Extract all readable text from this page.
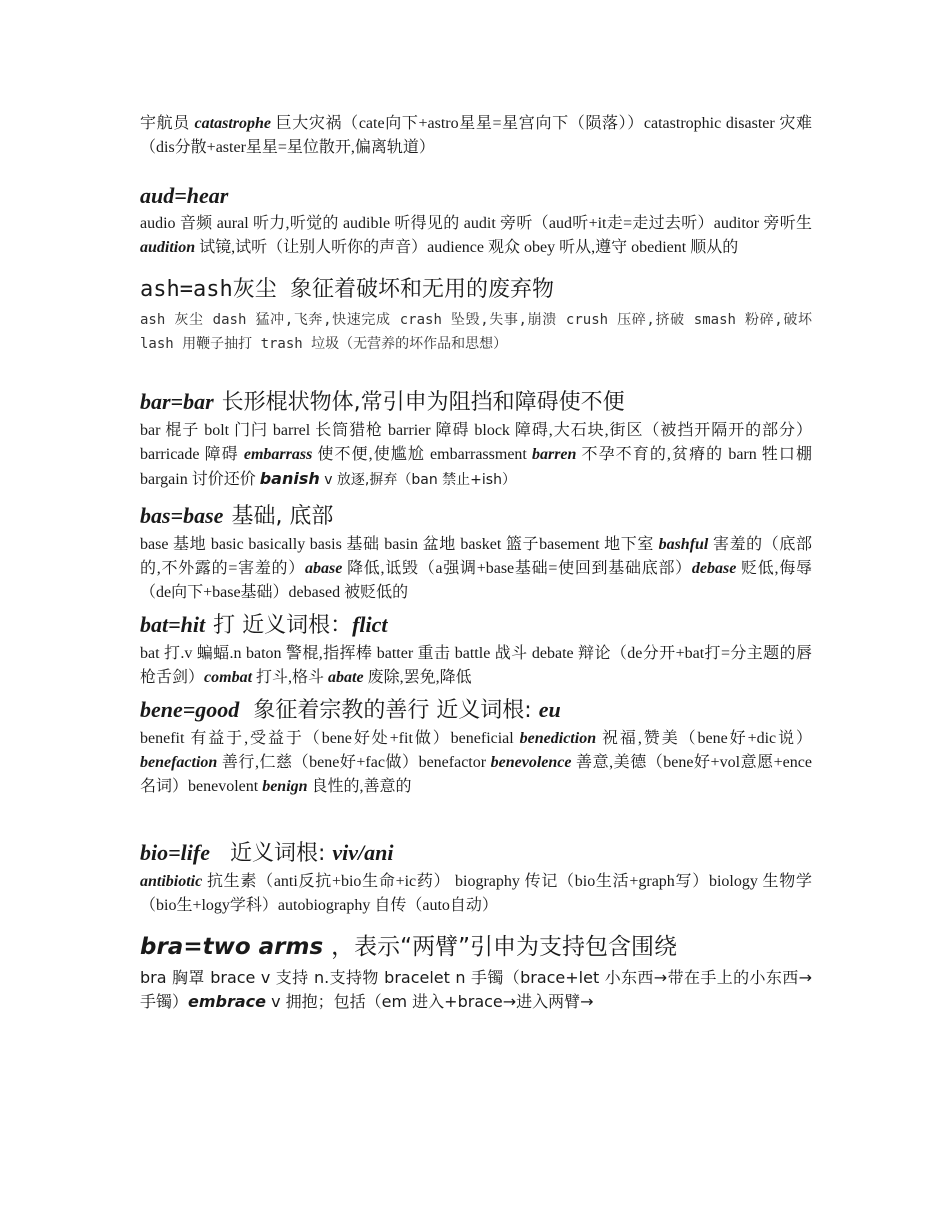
宇航员 catastrophe 巨大灾祸（cate向下+astro星星=星宫向下（陨落））catastrophic disaster 灾难（dis分散+aster星星=星位散开,偏离轨道）

aud=hear

audio 音频 aural 听力,听觉的 audible 听得见的 audit 旁听（aud听+it走=走过去听）auditor 旁听生 audition 试镜,试听（让别人听你的声音）audience 观众 obey 听从,遵守 obedient 顺从的

ash=ash灰尘 象征着破坏和无用的废弃物

ash 灰尘 dash 猛冲,飞奔,快速完成 crash 坠毁,失事,崩溃 crush 压碎,挤破 smash 粉碎,破坏 lash 用鞭子抽打 trash 垃圾（无营养的坏作品和思想）

bar=bar 长形棍状物体,常引申为阻挡和障碍使不便

bar 棍子 bolt 门闩 barrel 长筒猎枪 barrier 障碍 block 障碍,大石块,街区（被挡开隔开的部分） barricade 障碍 embarrass 使不便,使尴尬 embarrassment barren 不孕不育的,贫瘠的 barn 牲口棚 bargain 讨价还价 banish v 放逐,摒弃（ban 禁止+ish）

bas=base 基础, 底部

base 基地 basic basically basis 基础 basin 盆地 basket 篮子basement 地下室 bashful 害羞的（底部的,不外露的=害羞的）abase 降低,诋毁（a强调+base基础=使回到基础底部）debase 贬低,侮辱（de向下+base基础）debased 被贬低的

bat=hit 打 近义词根：flict

bat 打.v 蝙蝠.n baton 警棍,指挥棒 batter 重击 battle 战斗 debate 辩论（de分开+bat打=分主题的唇枪舌剑）combat 打斗,格斗 abate 废除,罢免,降低

bene=good 象征着宗教的善行 近义词根: eu

benefit 有益于,受益于（bene好处+fit做）beneficial benediction 祝福,赞美（bene好+dic说）benefaction 善行,仁慈（bene好+fac做）benefactor benevolence 善意,美德（bene好+vol意愿+ence名词）benevolent benign 良性的,善意的

bio=life 近义词根: viv/ani

antibiotic 抗生素（anti反抗+bio生命+ic药） biography 传记（bio生活+graph写）biology 生物学（bio生+logy学科）autobiography 自传（auto自动）

bra=two arms ，表示“两臂”引申为支持包含围绕

bra 胸罩 brace v 支持 n.支持物 bracelet n 手镯（brace+let 小东西→带在手上的小东西→手镯）embrace v 拥抱；包括（em 进入+brace→进入两臂→
